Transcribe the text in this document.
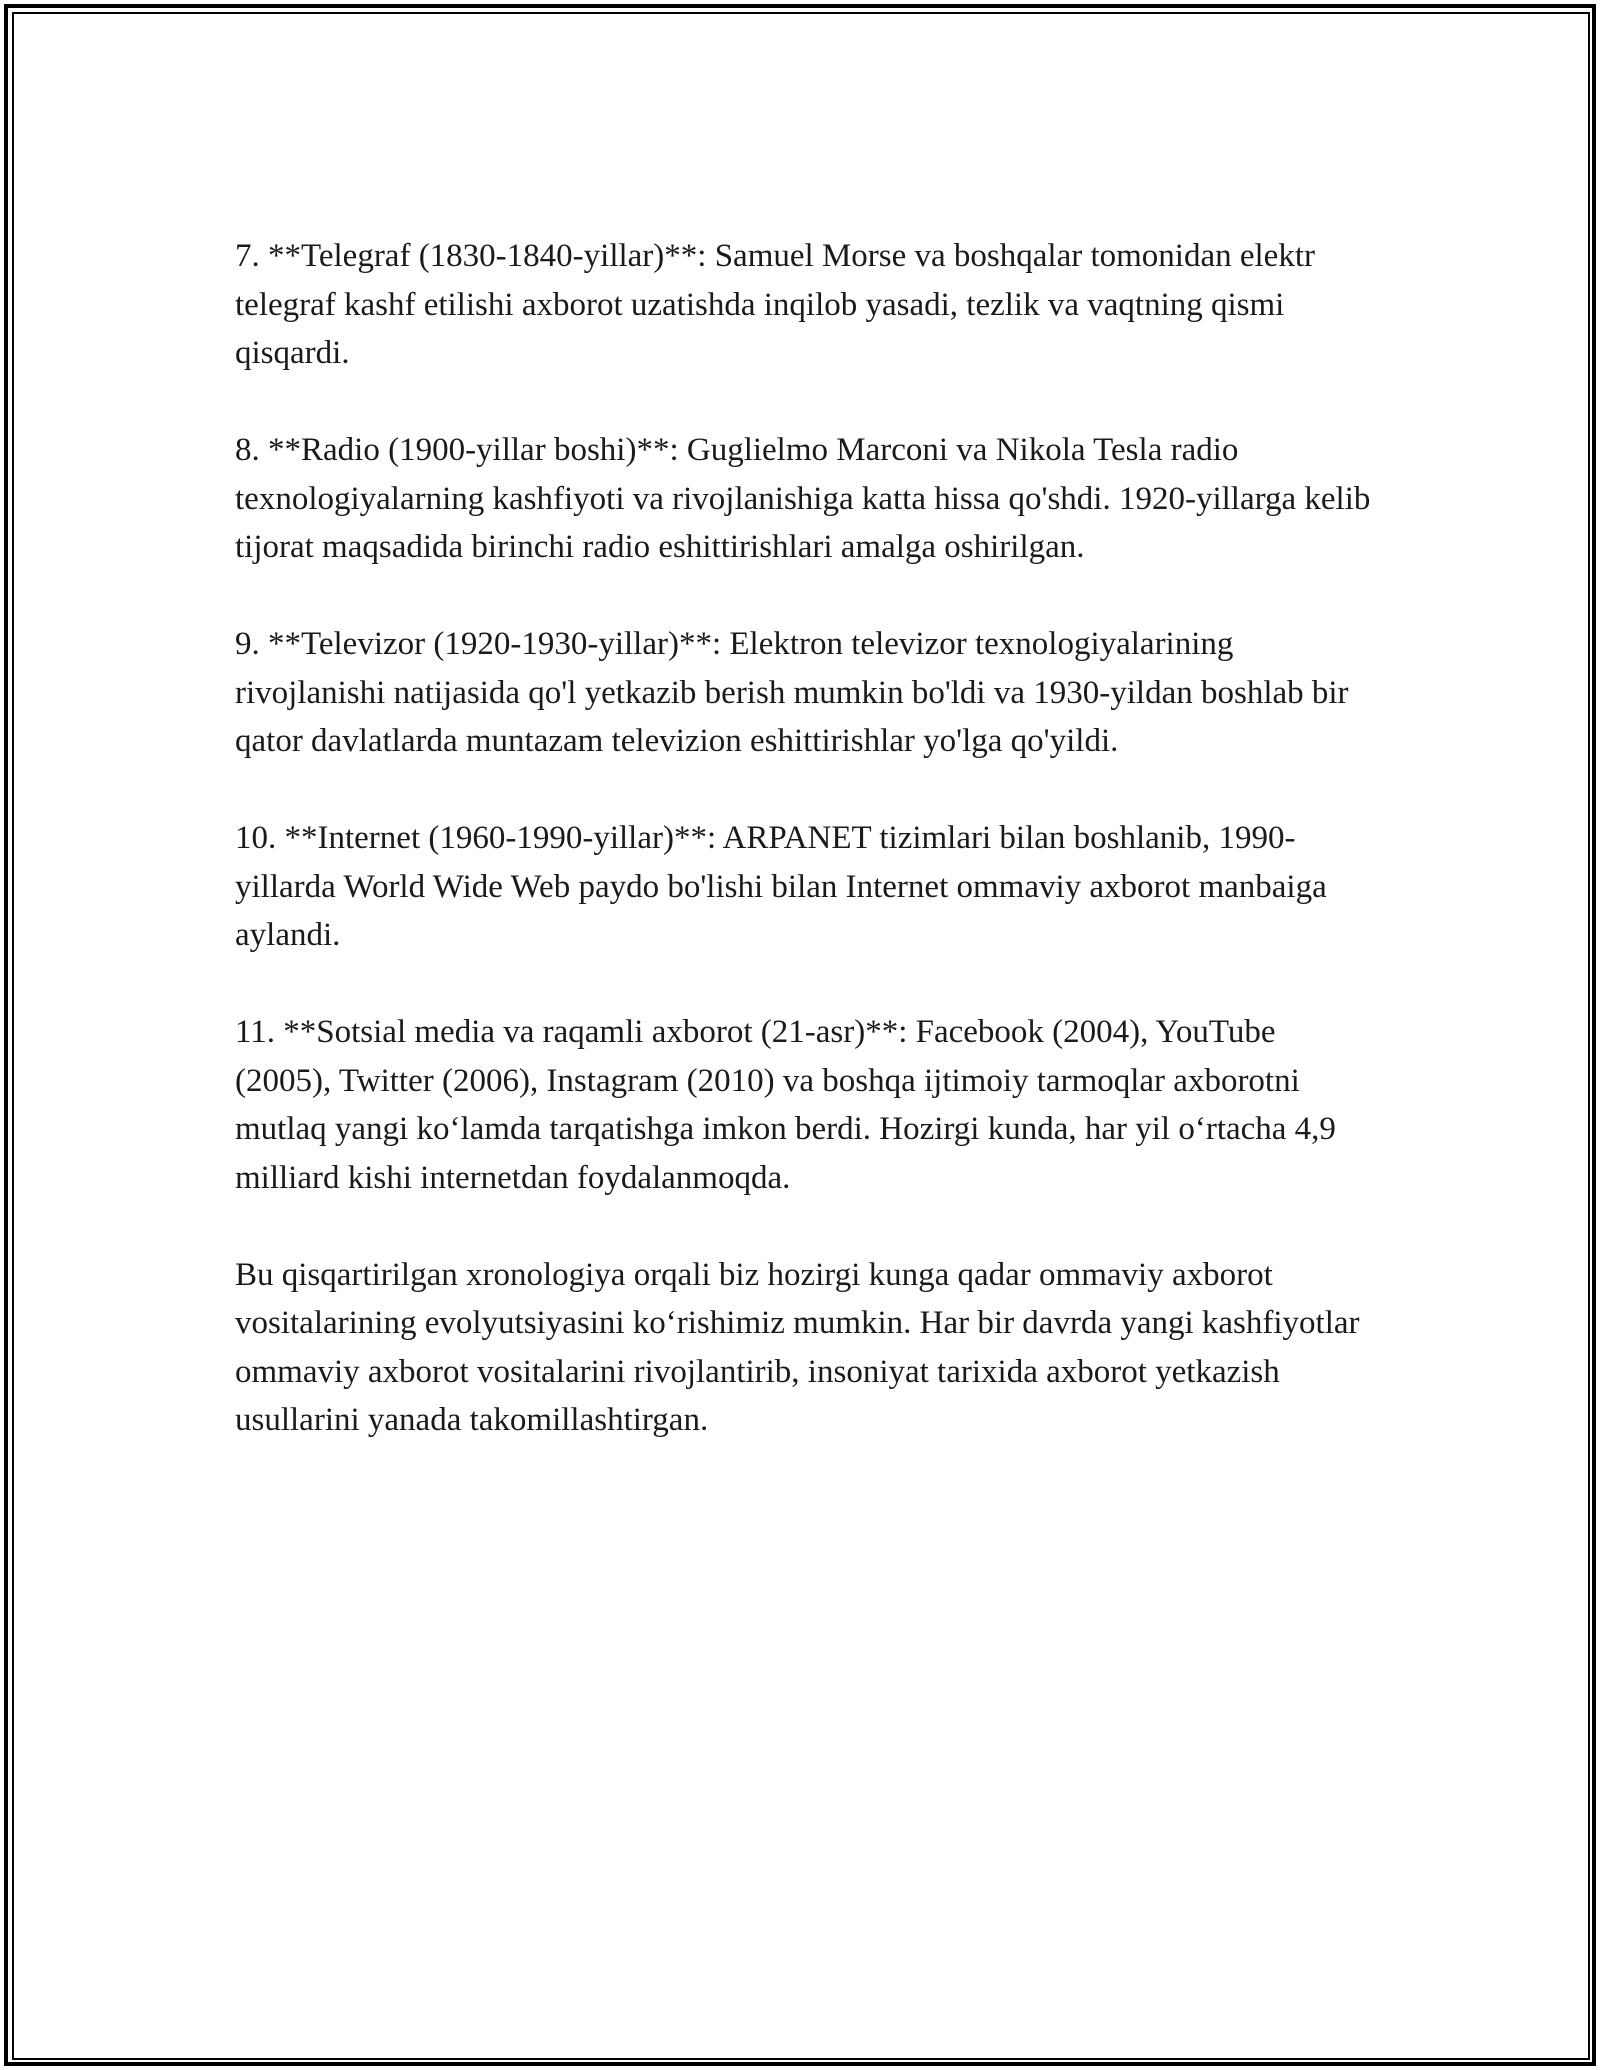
7. **Telegraf (1830-1840-yillar)**: Samuel Morse va boshqalar tomonidan elektr telegraf kashf etilishi axborot uzatishda inqilob yasadi, tezlik va vaqtning qismi qisqardi.

8. **Radio (1900-yillar boshi)**: Guglielmo Marconi va Nikola Tesla radio texnologiyalarning kashfiyoti va rivojlanishiga katta hissa qo'shdi. 1920-yillarga kelib tijorat maqsadida birinchi radio eshittirishlari amalga oshirilgan.

9. **Televizor (1920-1930-yillar)**: Elektron televizor texnologiyalarining rivojlanishi natijasida qo'l yetkazib berish mumkin bo'ldi va 1930-yildan boshlab bir qator davlatlarda muntazam televizion eshittirishlar yo'lga qo'yildi.

10. **Internet (1960-1990-yillar)**: ARPANET tizimlari bilan boshlanib, 1990-yillarda World Wide Web paydo bo'lishi bilan Internet ommaviy axborot manbaiga aylandi.

11. **Sotsial media va raqamli axborot (21-asr)**: Facebook (2004), YouTube (2005), Twitter (2006), Instagram (2010) va boshqa ijtimoiy tarmoqlar axborotni mutlaq yangi ko‘lamda tarqatishga imkon berdi. Hozirgi kunda, har yil o‘rtacha 4,9 milliard kishi internetdan foydalanmoqda.

Bu qisqartirilgan xronologiya orqali biz hozirgi kunga qadar ommaviy axborot vositalarining evolyutsiyasini ko‘rishimiz mumkin. Har bir davrda yangi kashfiyotlar ommaviy axborot vositalarini rivojlantirib, insoniyat tarixida axborot yetkazish usullarini yanada takomillashtirgan.
